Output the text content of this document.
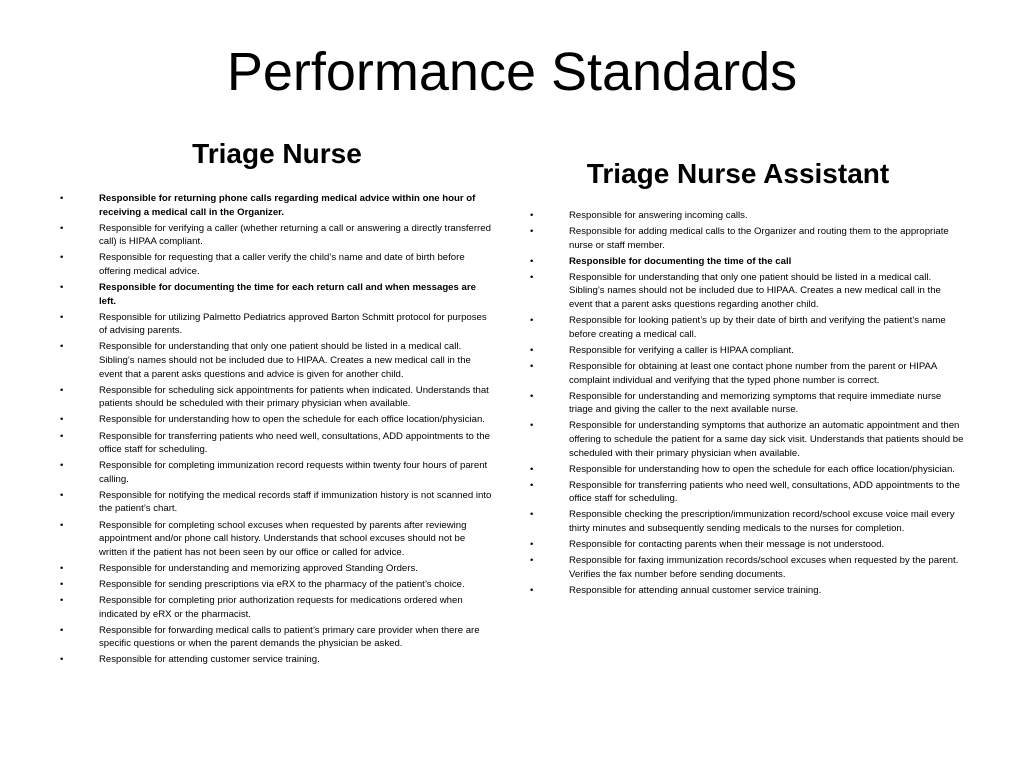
Performance Standards
Triage Nurse
•	Responsible for returning phone calls regarding medical advice within one hour of receiving a medical call in the Organizer.
•	Responsible for verifying a caller (whether returning a call or answering a directly transferred call) is HIPAA compliant.
•	Responsible for requesting that a caller verify the child’s name and date of birth before offering medical advice.
•	Responsible for documenting the time for each return call and when messages are left.
•	Responsible for utilizing Palmetto Pediatrics approved Barton Schmitt protocol for purposes of advising parents.
•	Responsible for understanding that only one patient should be listed in a medical call. Sibling’s names should not be included due to HIPAA. Creates a new medical call in the event that a parent asks questions and advice is given for another child.
•	Responsible for scheduling sick appointments for patients when indicated. Understands that patients should be scheduled with their primary physician when available.
•	Responsible for understanding how to open the schedule for each office location/physician.
•	Responsible for transferring patients who need well, consultations, ADD appointments to the office staff for scheduling.
•	Responsible for completing immunization record requests within twenty four hours of parent calling.
•	Responsible for notifying the medical records staff if immunization history is not scanned into the patient’s chart.
•	Responsible for completing school excuses when requested by parents after reviewing appointment and/or phone call history. Understands that school excuses should not be written if the patient has not been seen by our office or called for advice.
•	Responsible for understanding and memorizing approved Standing Orders.
•	Responsible for sending prescriptions via eRX to the pharmacy of the patient’s choice.
•	Responsible for completing prior authorization requests for medications ordered when indicated by eRX or the pharmacist.
•	Responsible for forwarding medical calls to patient’s primary care provider when there are specific questions or when the parent demands the physician be asked.
•	Responsible for attending customer service training.
Triage Nurse Assistant
•	Responsible for answering incoming calls.
•	Responsible for adding medical calls to the Organizer and routing them to the appropriate nurse or staff member.
•	Responsible for documenting the time of the call
•	Responsible for understanding that only one patient should be listed in a medical call. Sibling’s names should not be included due to HIPAA. Creates a new medical call in the event that a parent asks questions regarding another child.
•	Responsible for looking patient’s up by their date of birth and verifying the patient’s name before creating a medical call.
•	Responsible for verifying a caller is HIPAA compliant.
•	Responsible for obtaining at least one contact phone number from the parent or HIPAA complaint individual and verifying that the typed phone number is correct.
•	Responsible for understanding and memorizing symptoms that require immediate nurse triage and giving the caller to the next available nurse.
•	Responsible for understanding symptoms that authorize an automatic appointment and then offering to schedule the patient for a same day sick visit. Understands that patients should be scheduled with their primary physician when available.
•	Responsible for understanding how to open the schedule for each office location/physician.
•	Responsible for transferring patients who need well, consultations, ADD appointments to the office staff for scheduling.
•	Responsible checking the prescription/immunization record/school excuse voice mail every thirty minutes and subsequently sending medicals to the nurses for completion.
•	Responsible for contacting parents when their message is not understood.
•	Responsible for faxing immunization records/school excuses when requested by the parent. Verifies the fax number before sending documents.
•	Responsible for attending annual customer service training.
